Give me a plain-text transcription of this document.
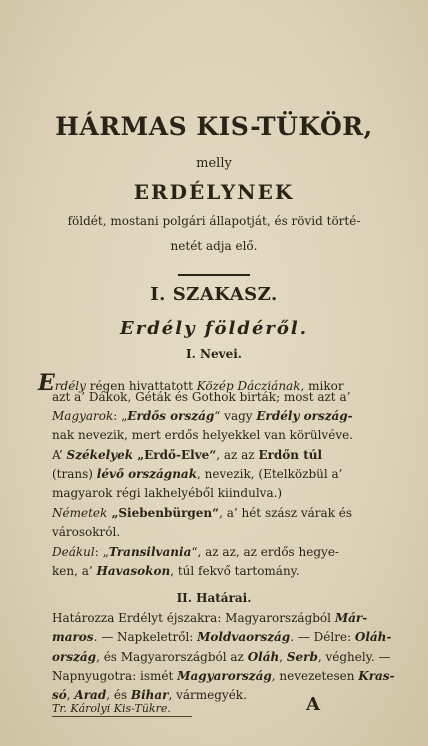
HÁRMAS KIS-TÜKÖR,
melly
ERDÉLYNEK
földét, mostani polgári állapotját, és rövid törté-
netét adja elő.
I. SZAKASZ.
Erdély földéről.
I. Nevei.
Erdély régen hivattatott Közép Dácziának, mikor
azt a’ Dákok, Géták és Gothok birták; most azt a’
Magyarok: „Erdős ország“ vagy Erdély ország-
nak nevezik, mert erdős helyekkel van körülvéve.
A’ Székelyek „Erdő-Elve“, az az Erdőn túl
(trans) lévő országnak, nevezik, (Etelközbül a’
magyarok régi lakhelyéből kiindulva.)
Németek „Siebenbürgen“, a’ hét szász várak és
városokról.
Deákul: „Transilvania“, az az, az erdős hegye-
ken, a’ Havasokon, túl fekvő tartomány.
Határozza Erdélyt éjszakra: Magyarországból Már-
maros. — Napkeletről: Moldvaország. — Délre: Oláh-
ország, és Magyarországból az Oláh, Serb, véghely. —
Napnyugotra: ismét Magyarország, nevezetesen Kras-
só, Arad, és Bihar, vármegyék.
II. Határai.
Tr. Károlyi Kis-Tükre.	A
